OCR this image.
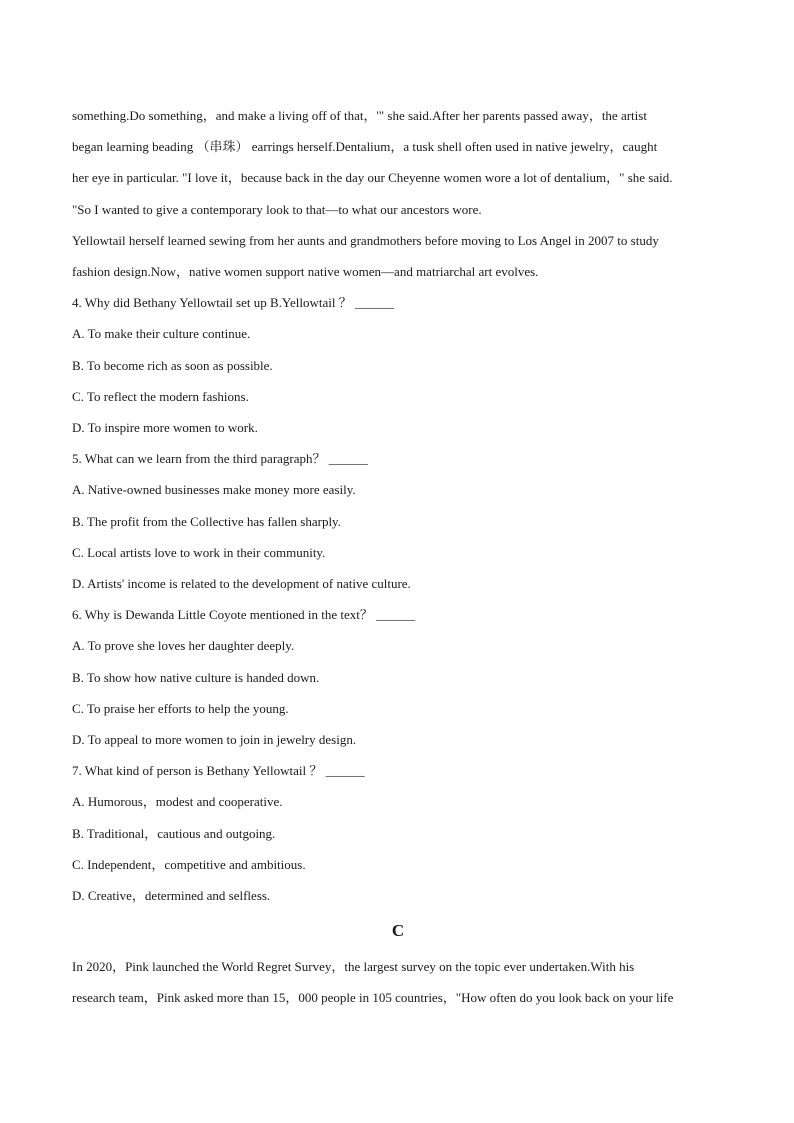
something.Do something，and make a living off of that，'" she said.After her parents passed away，the artist
began learning beading （串珠） earrings herself.Dentalium，a tusk shell often used in native jewelry，caught
her eye in particular. "I love it，because back in the day our Cheyenne women wore a lot of dentalium，" she said.
"So I wanted to give a contemporary look to that—to what our ancestors wore.
Yellowtail herself learned sewing from her aunts and grandmothers before moving to Los Angel in 2007 to study
fashion design.Now，native women support native women—and matriarchal art evolves.
4. Why did Bethany Yellowtail set up B.Yellowtail ？ ______
A. To make their culture continue.
B. To become rich as soon as possible.
C. To reflect the modern fashions.
D. To inspire more women to work.
5. What can we learn from the third paragraph？ ______
A. Native-owned businesses make money more easily.
B. The profit from the Collective has fallen sharply.
C. Local artists love to work in their community.
D. Artists' income is related to the development of native culture.
6. Why is Dewanda Little Coyote mentioned in the text？ ______
A. To prove she loves her daughter deeply.
B. To show how native culture is handed down.
C. To praise her efforts to help the young.
D. To appeal to more women to join in jewelry design.
7. What kind of person is Bethany Yellowtail ？ ______
A. Humorous，modest and cooperative.
B. Traditional，cautious and outgoing.
C. Independent，competitive and ambitious.
D. Creative，determined and selfless.
C
In 2020，Pink launched the World Regret Survey，the largest survey on the topic ever undertaken.With his
research team，Pink asked more than 15，000 people in 105 countries，"How often do you look back on your life
